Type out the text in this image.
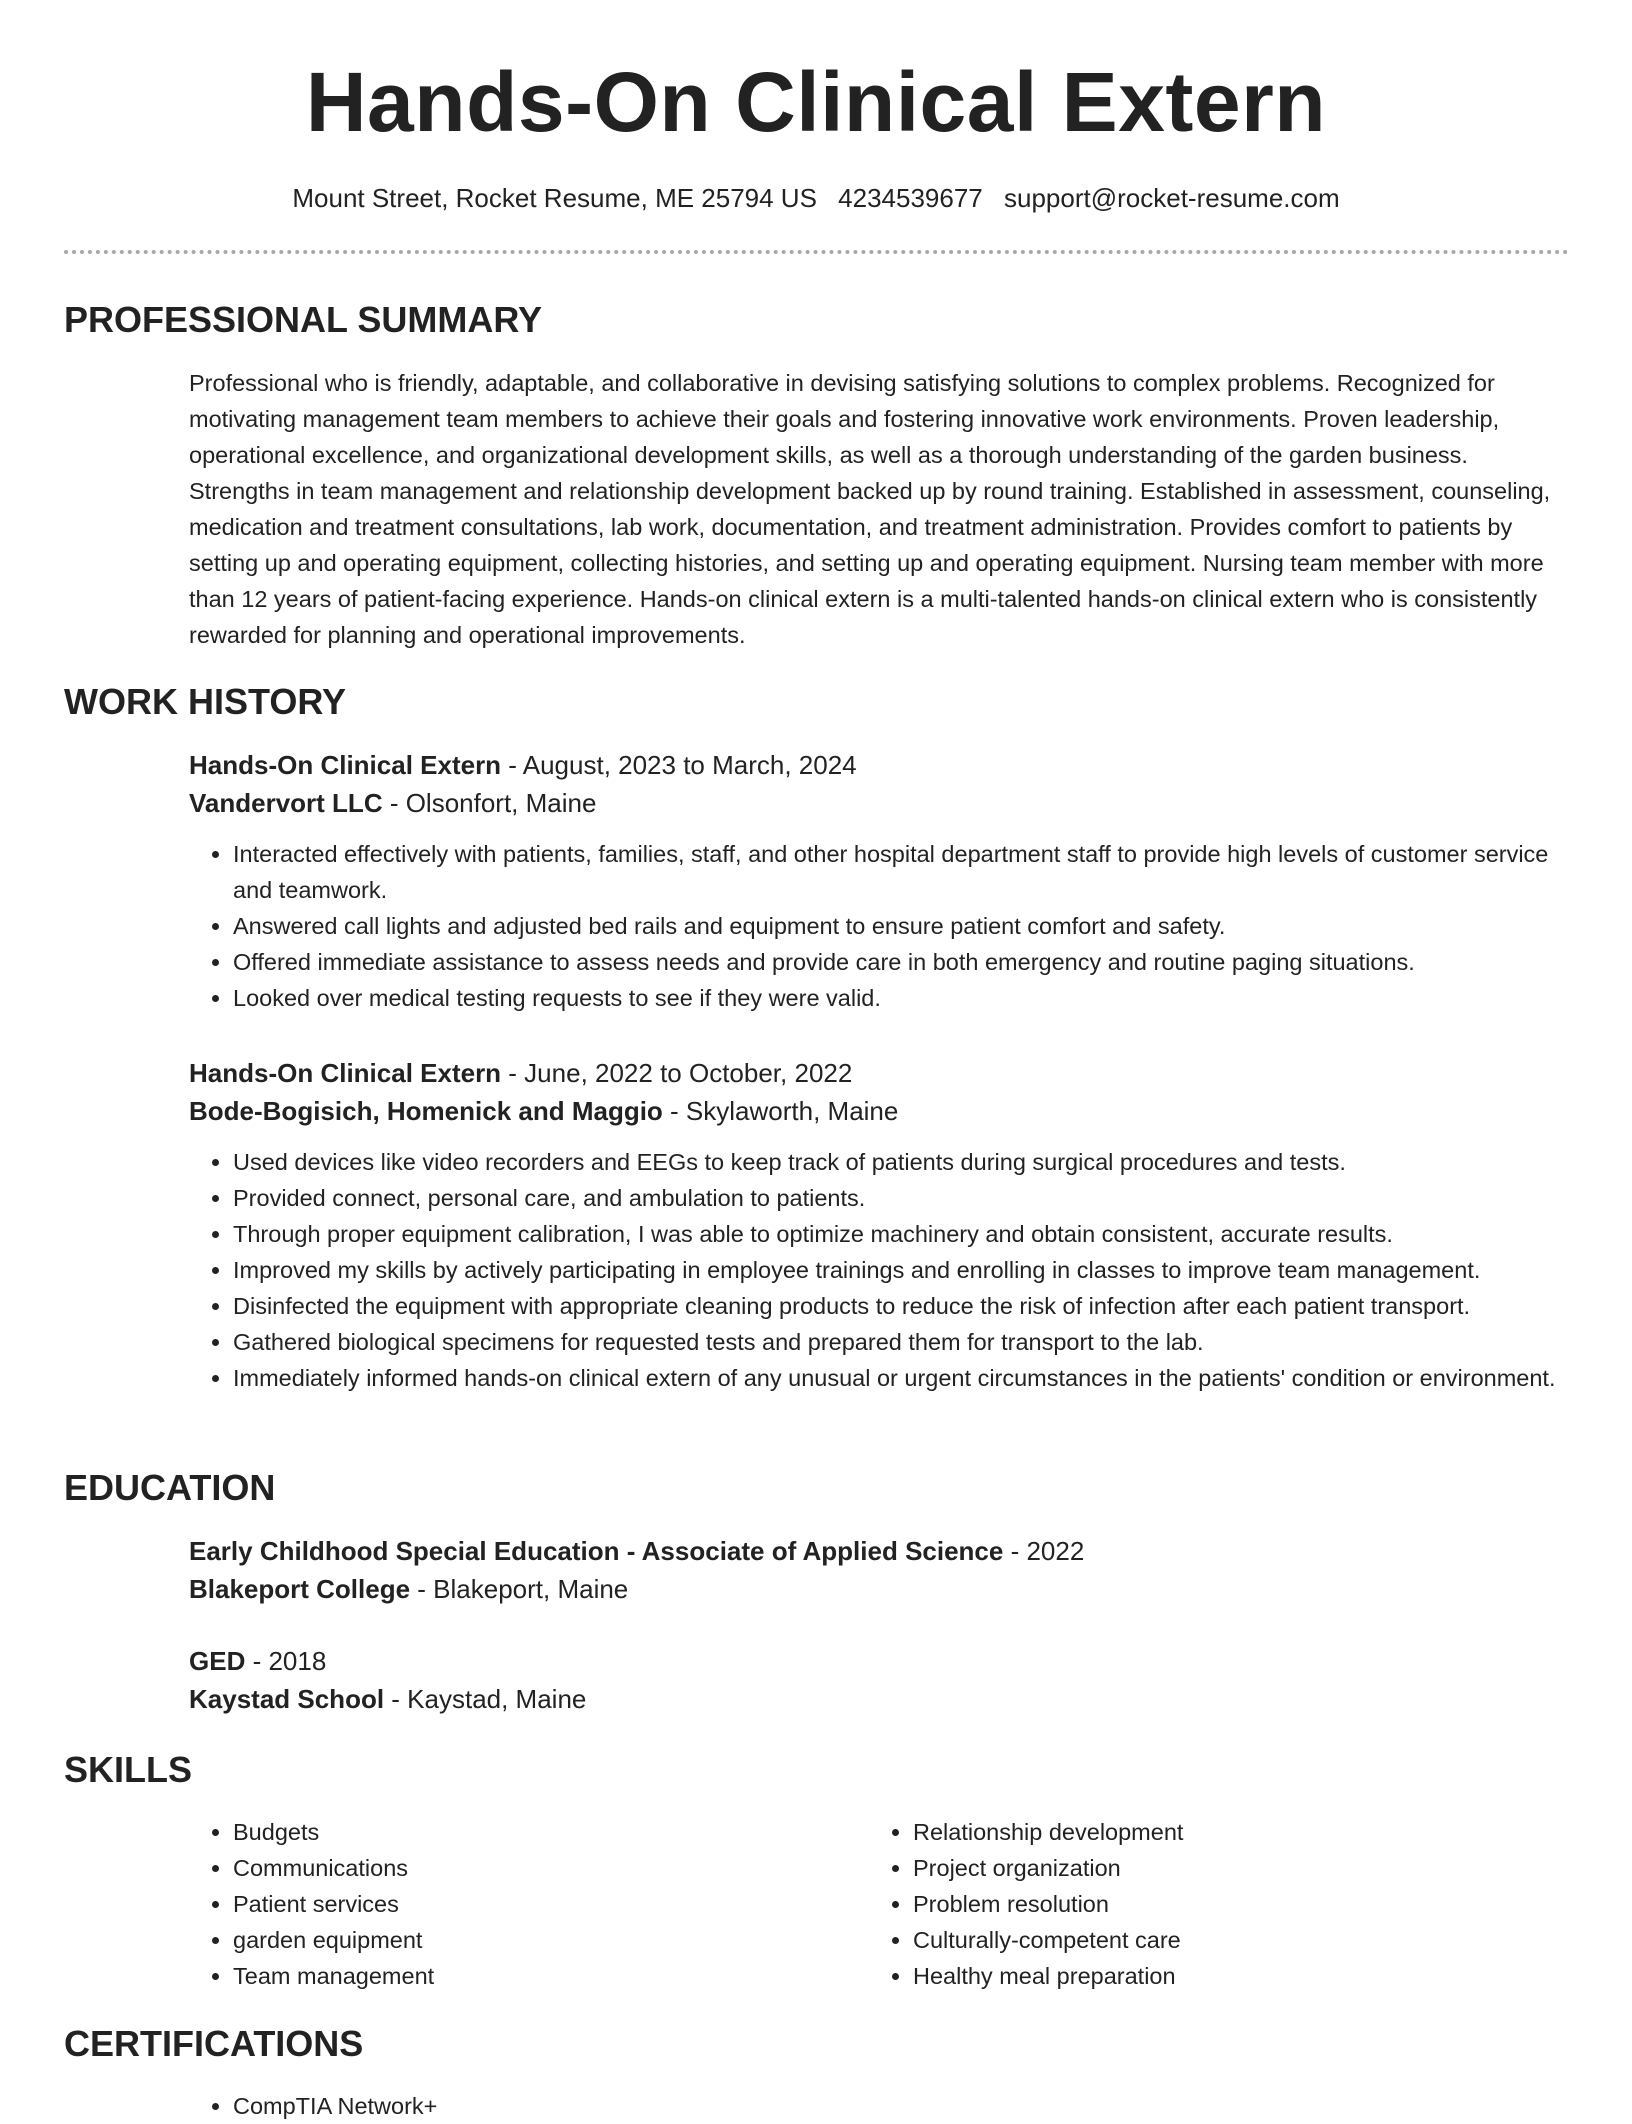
Hands-On Clinical Extern
Mount Street, Rocket Resume, ME 25794 US 4234539677 support@rocket-resume.com
PROFESSIONAL SUMMARY
Professional who is friendly, adaptable, and collaborative in devising satisfying solutions to complex problems. Recognized for motivating management team members to achieve their goals and fostering innovative work environments. Proven leadership, operational excellence, and organizational development skills, as well as a thorough understanding of the garden business. Strengths in team management and relationship development backed up by round training. Established in assessment, counseling, medication and treatment consultations, lab work, documentation, and treatment administration. Provides comfort to patients by setting up and operating equipment, collecting histories, and setting up and operating equipment. Nursing team member with more than 12 years of patient-facing experience. Hands-on clinical extern is a multi-talented hands-on clinical extern who is consistently rewarded for planning and operational improvements.
WORK HISTORY
Hands-On Clinical Extern - August, 2023 to March, 2024
Vandervort LLC - Olsonfort, Maine
• Interacted effectively with patients, families, staff, and other hospital department staff to provide high levels of customer service and teamwork.
• Answered call lights and adjusted bed rails and equipment to ensure patient comfort and safety.
• Offered immediate assistance to assess needs and provide care in both emergency and routine paging situations.
• Looked over medical testing requests to see if they were valid.
Hands-On Clinical Extern - June, 2022 to October, 2022
Bode-Bogisich, Homenick and Maggio - Skylaworth, Maine
• Used devices like video recorders and EEGs to keep track of patients during surgical procedures and tests.
• Provided connect, personal care, and ambulation to patients.
• Through proper equipment calibration, I was able to optimize machinery and obtain consistent, accurate results.
• Improved my skills by actively participating in employee trainings and enrolling in classes to improve team management.
• Disinfected the equipment with appropriate cleaning products to reduce the risk of infection after each patient transport.
• Gathered biological specimens for requested tests and prepared them for transport to the lab.
• Immediately informed hands-on clinical extern of any unusual or urgent circumstances in the patients' condition or environment.
EDUCATION
Early Childhood Special Education - Associate of Applied Science - 2022
Blakeport College - Blakeport, Maine
GED - 2018
Kaystad School - Kaystad, Maine
SKILLS
• Budgets
• Communications
• Patient services
• garden equipment
• Team management
• Relationship development
• Project organization
• Problem resolution
• Culturally-competent care
• Healthy meal preparation
CERTIFICATIONS
• CompTIA Network+
